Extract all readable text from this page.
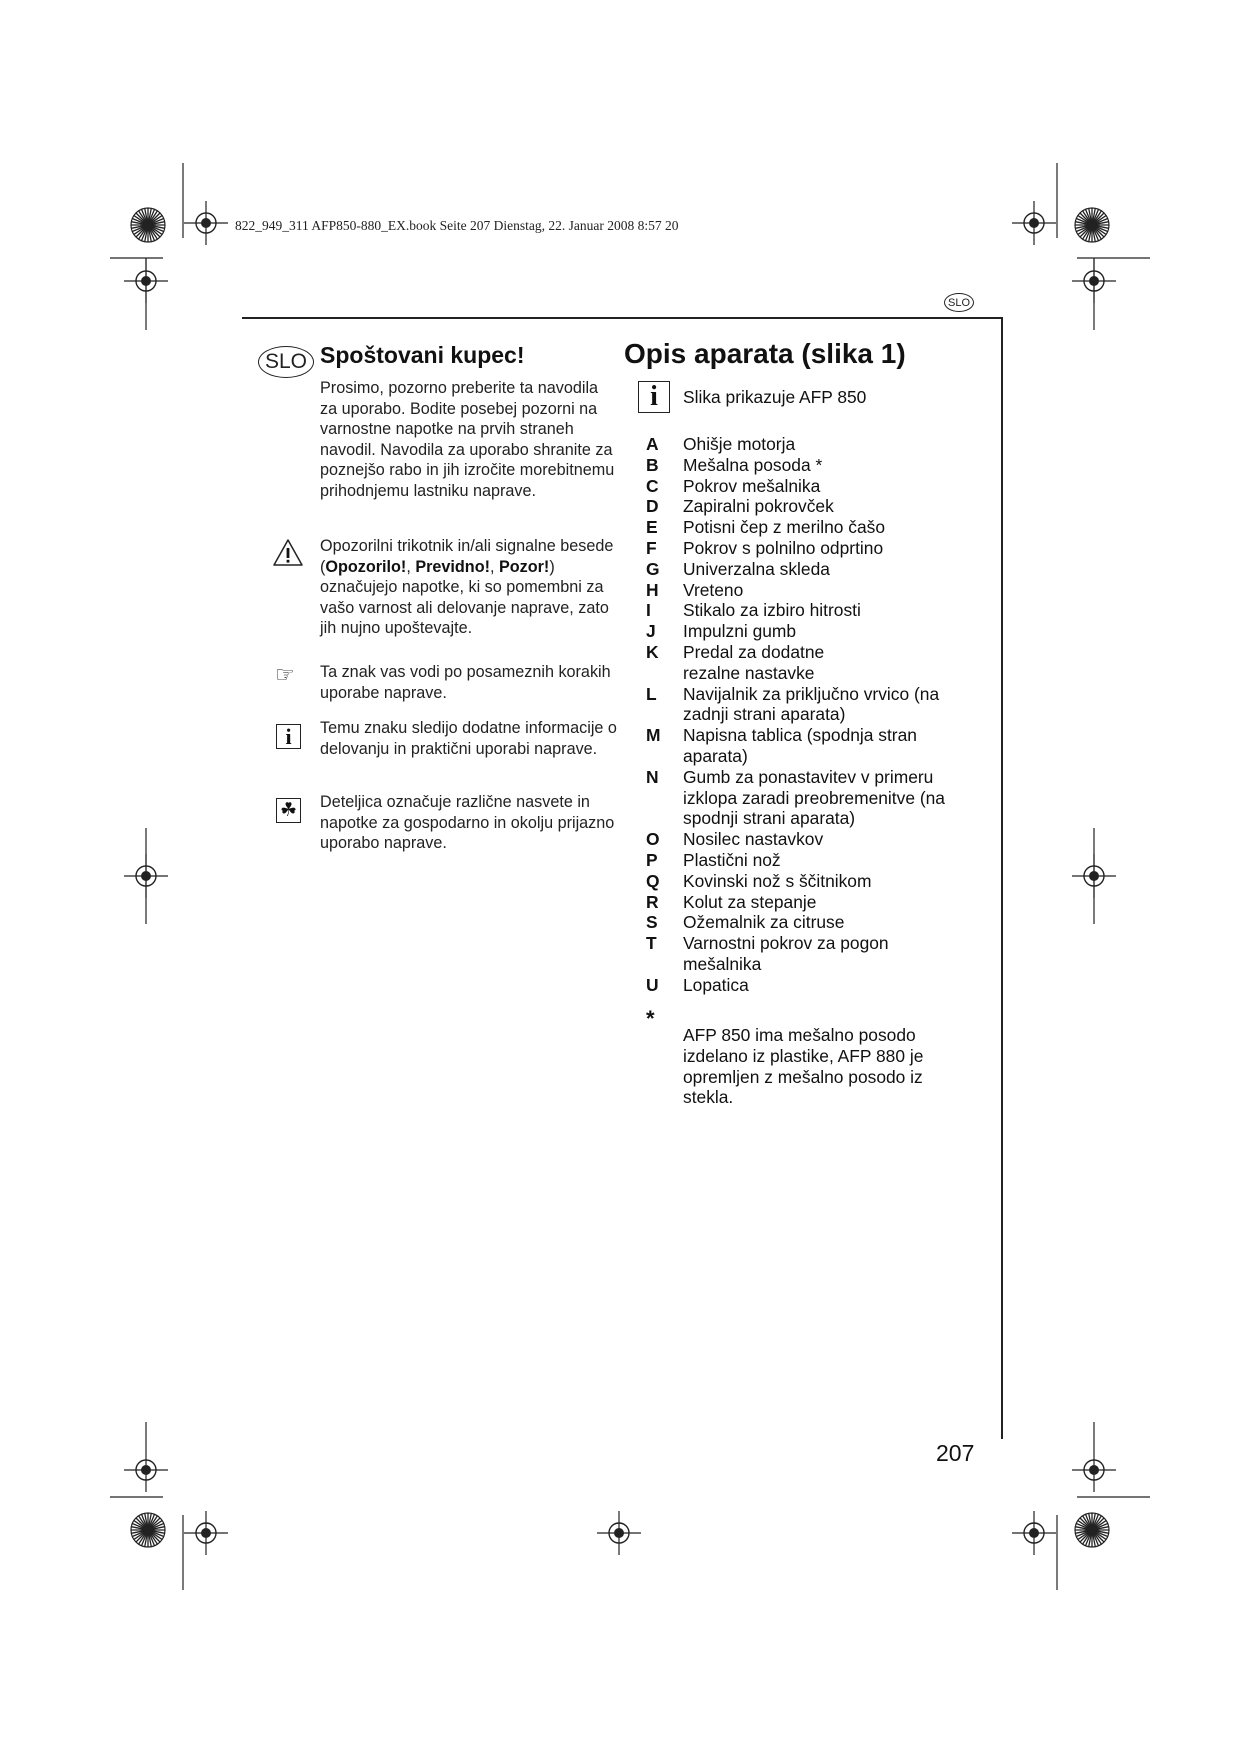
822_949_311 AFP850-880_EX.book Seite 207 Dienstag, 22. Januar 2008 8:57 20
SLO
SLO Spoštovani kupec!
Prosimo, pozorno preberite ta navodila za uporabo. Bodite posebej pozorni na varnostne napotke na prvih straneh navodil. Navodila za uporabo shranite za poznejšo rabo in jih izročite morebitnemu prihodnjemu lastniku naprave.
Opozorilni trikotnik in/ali signalne besede (Opozorilo!, Previdno!, Pozor!) označujejo napotke, ki so pomembni za vašo varnost ali delovanje naprave, zato jih nujno upoštevajte.
☞ Ta znak vas vodi po posameznih korakih uporabe naprave.
i	Temu znaku sledijo dodatne informacije o delovanju in praktični uporabi naprave.
☘ Deteljica označuje različne nasvete in napotke za gospodarno in okolju prijazno uporabo naprave.
Opis aparata (slika 1)
i	Slika prikazuje AFP 850
A	Ohišje motorja
B	Mešalna posoda *
C	Pokrov mešalnika
D	Zapiralni pokrovček
E	Potisni čep z merilno čašo
F	Pokrov s polnilno odprtino
G	Univerzalna skleda
H	Vreteno
I	Stikalo za izbiro hitrosti
J	Impulzni gumb
K	Predal za dodatne rezalne nastavke
L	Navijalnik za priključno vrvico (na zadnji strani aparata)
M	Napisna tablica (spodnja stran aparata)
N	Gumb za ponastavitev v primeru izklopa zaradi preobremenitve (na spodnji strani aparata)
O	Nosilec nastavkov
P	Plastični nož
Q	Kovinski nož s ščitnikom
R	Kolut za stepanje
S	Ožemalnik za citruse
T	Varnostni pokrov za pogon mešalnika
U	Lopatica
*
AFP 850 ima mešalno posodo izdelano iz plastike, AFP 880 je opremljen z mešalno posodo iz stekla.
207
